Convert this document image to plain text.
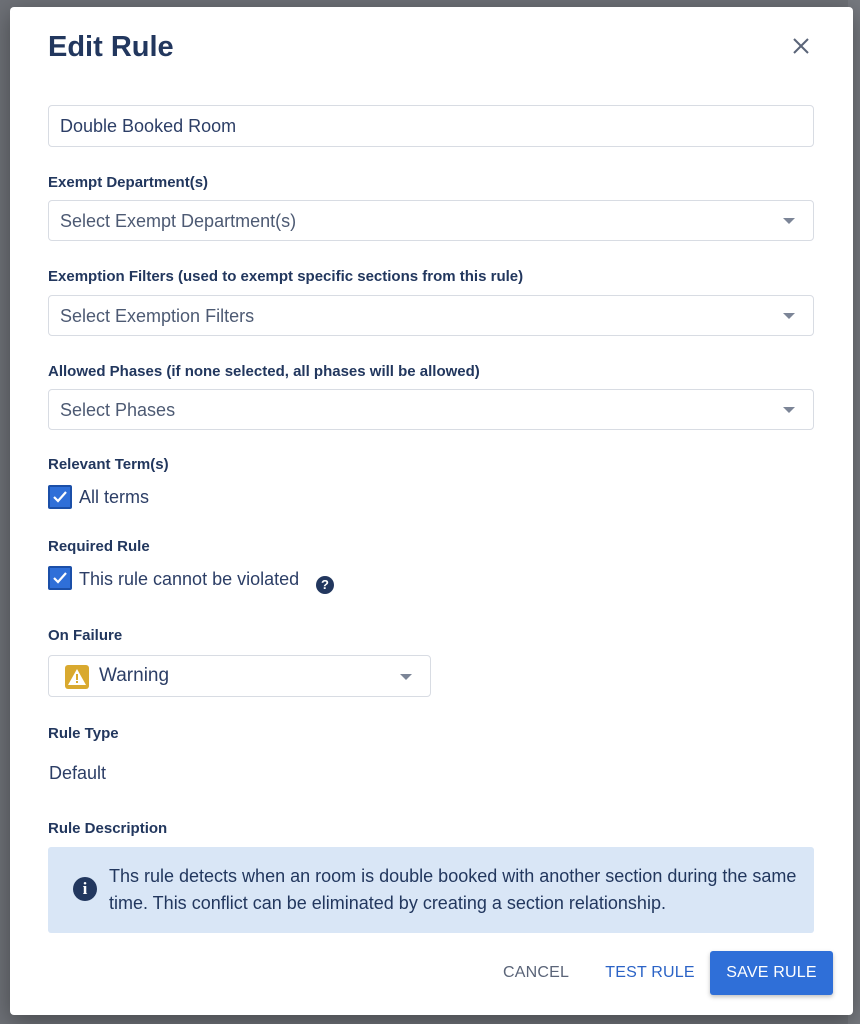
Edit Rule
Double Booked Room
Exempt Department(s)
Select Exempt Department(s)
Exemption Filters (used to exempt specific sections from this rule)
Select Exemption Filters
Allowed Phases (if none selected, all phases will be allowed)
Select Phases
Relevant Term(s)
All terms
Required Rule
This rule cannot be violated	?
On Failure
Warning
Rule Type
Default
Rule Description
i
Ths rule detects when an room is double booked with another section during the same time. This conflict can be eliminated by creating a section relationship.
CANCEL	TEST RULE	SAVE RULE
